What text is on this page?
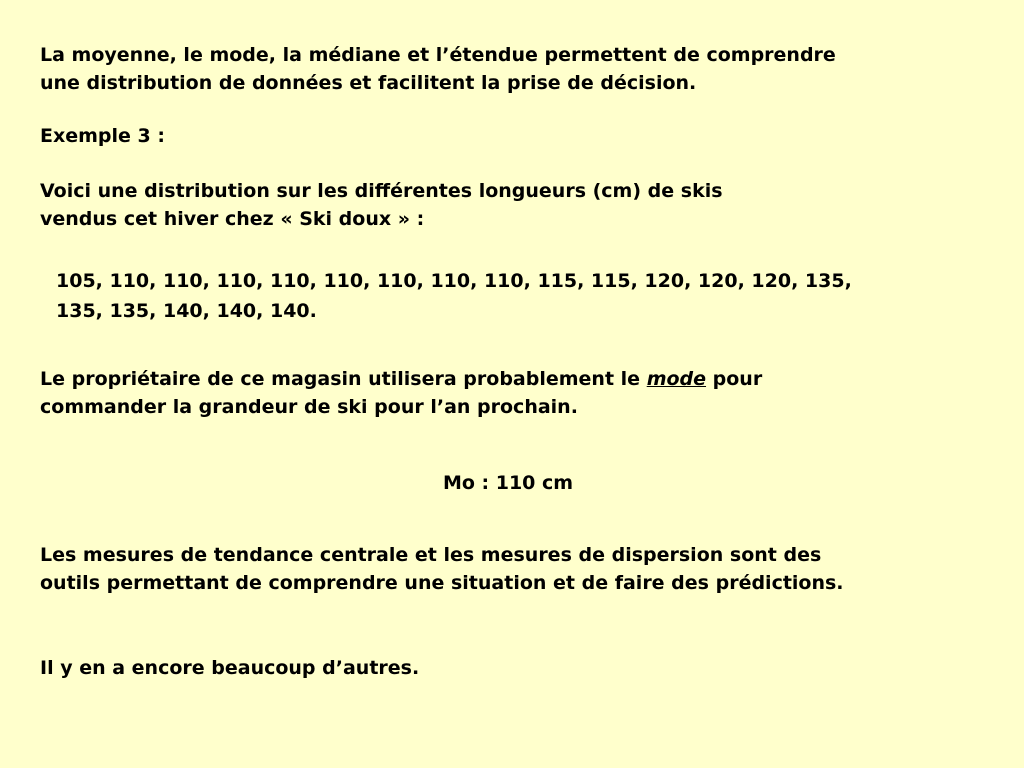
La moyenne, le mode, la médiane et l’étendue permettent de comprendre
une distribution de données et facilitent la prise de décision.
Exemple 3 :
Voici une distribution sur les différentes longueurs (cm) de skis
vendus cet hiver chez « Ski doux » :
105, 110, 110, 110, 110, 110, 110, 110, 110, 115, 115, 120, 120, 120, 135,
135, 135, 140, 140, 140.
Le propriétaire de ce magasin utilisera probablement le mode pour
commander la grandeur de ski pour l’an prochain.
Mo : 110 cm
Les mesures de tendance centrale et les mesures de dispersion sont des
outils permettant de comprendre une situation et de faire des prédictions.
Il y en a encore beaucoup d’autres.
